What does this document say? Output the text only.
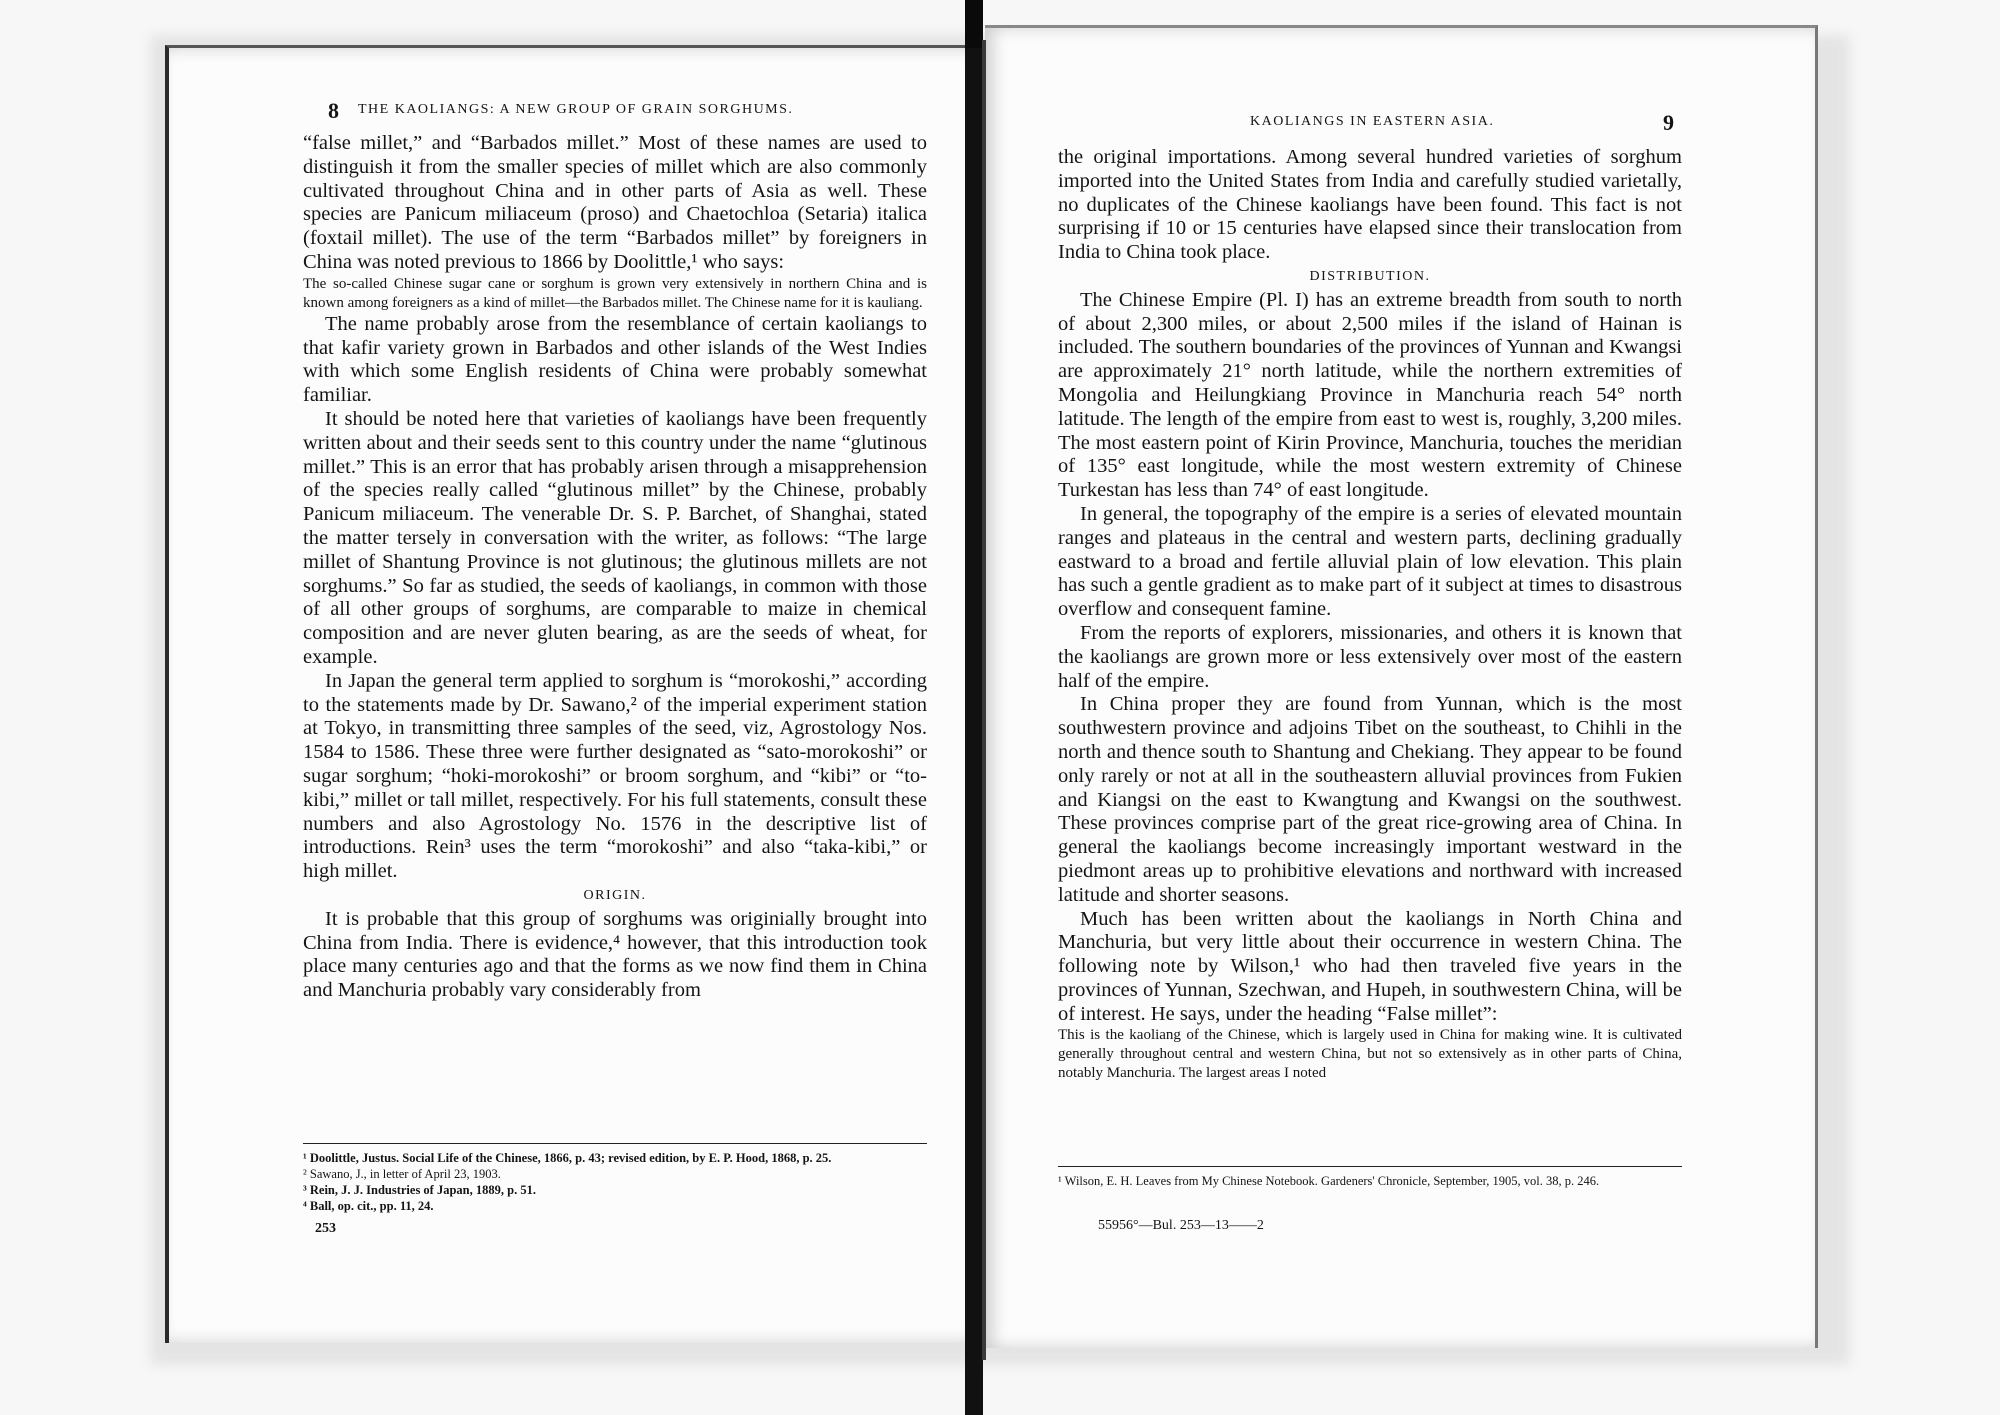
8 THE KAOLIANGS: A NEW GROUP OF GRAIN SORGHUMS.

“false millet,” and “Barbados millet.” Most of these names are used to distinguish it from the smaller species of millet which are also commonly cultivated throughout China and in other parts of Asia as well. These species are Panicum miliaceum (proso) and Chaetochloa (Setaria) italica (foxtail millet). The use of the term “Barbados millet” by foreigners in China was noted previous to 1866 by Doolittle,¹ who says:

The so-called Chinese sugar cane or sorghum is grown very extensively in northern China and is known among foreigners as a kind of millet—the Barbados millet. The Chinese name for it is kauliang.

The name probably arose from the resemblance of certain kaoliangs to that kafir variety grown in Barbados and other islands of the West Indies with which some English residents of China were probably somewhat familiar.

It should be noted here that varieties of kaoliangs have been frequently written about and their seeds sent to this country under the name “glutinous millet.” This is an error that has probably arisen through a misapprehension of the species really called “glutinous millet” by the Chinese, probably Panicum miliaceum. The venerable Dr. S. P. Barchet, of Shanghai, stated the matter tersely in conversation with the writer, as follows: “The large millet of Shantung Province is not glutinous; the glutinous millets are not sorghums.” So far as studied, the seeds of kaoliangs, in common with those of all other groups of sorghums, are comparable to maize in chemical composition and are never gluten bearing, as are the seeds of wheat, for example.

In Japan the general term applied to sorghum is “morokoshi,” according to the statements made by Dr. Sawano,² of the imperial experiment station at Tokyo, in transmitting three samples of the seed, viz, Agrostology Nos. 1584 to 1586. These three were further designated as “sato-morokoshi” or sugar sorghum; “hoki-morokoshi” or broom sorghum, and “kibi” or “to-kibi,” millet or tall millet, respectively. For his full statements, consult these numbers and also Agrostology No. 1576 in the descriptive list of introductions. Rein³ uses the term “morokoshi” and also “taka-kibi,” or high millet.

ORIGIN.

It is probable that this group of sorghums was originially brought into China from India. There is evidence,⁴ however, that this introduction took place many centuries ago and that the forms as we now find them in China and Manchuria probably vary considerably from

¹ Doolittle, Justus. Social Life of the Chinese, 1866, p. 43; revised edition, by E. P. Hood, 1868, p. 25.
² Sawano, J., in letter of April 23, 1903.
³ Rein, J. J. Industries of Japan, 1889, p. 51.
⁴ Ball, op. cit., pp. 11, 24.
253
KAOLIANGS IN EASTERN ASIA.	9

the original importations. Among several hundred varieties of sorghum imported into the United States from India and carefully studied varietally, no duplicates of the Chinese kaoliangs have been found. This fact is not surprising if 10 or 15 centuries have elapsed since their translocation from India to China took place.

DISTRIBUTION.

The Chinese Empire (Pl. I) has an extreme breadth from south to north of about 2,300 miles, or about 2,500 miles if the island of Hainan is included. The southern boundaries of the provinces of Yunnan and Kwangsi are approximately 21° north latitude, while the northern extremities of Mongolia and Heilungkiang Province in Manchuria reach 54° north latitude. The length of the empire from east to west is, roughly, 3,200 miles. The most eastern point of Kirin Province, Manchuria, touches the meridian of 135° east longitude, while the most western extremity of Chinese Turkestan has less than 74° of east longitude.

In general, the topography of the empire is a series of elevated mountain ranges and plateaus in the central and western parts, declining gradually eastward to a broad and fertile alluvial plain of low elevation. This plain has such a gentle gradient as to make part of it subject at times to disastrous overflow and consequent famine.

From the reports of explorers, missionaries, and others it is known that the kaoliangs are grown more or less extensively over most of the eastern half of the empire.

In China proper they are found from Yunnan, which is the most southwestern province and adjoins Tibet on the southeast, to Chihli in the north and thence south to Shantung and Chekiang. They appear to be found only rarely or not at all in the southeastern alluvial provinces from Fukien and Kiangsi on the east to Kwangtung and Kwangsi on the southwest. These provinces comprise part of the great rice-growing area of China. In general the kaoliangs become increasingly important westward in the piedmont areas up to prohibitive elevations and northward with increased latitude and shorter seasons.

Much has been written about the kaoliangs in North China and Manchuria, but very little about their occurrence in western China. The following note by Wilson,¹ who had then traveled five years in the provinces of Yunnan, Szechwan, and Hupeh, in southwestern China, will be of interest. He says, under the heading “False millet”:

This is the kaoliang of the Chinese, which is largely used in China for making wine. It is cultivated generally throughout central and western China, but not so extensively as in other parts of China, notably Manchuria. The largest areas I noted

¹ Wilson, E. H. Leaves from My Chinese Notebook. Gardeners' Chronicle, September, 1905, vol. 38, p. 246.
55956°—Bul. 253—13——2
